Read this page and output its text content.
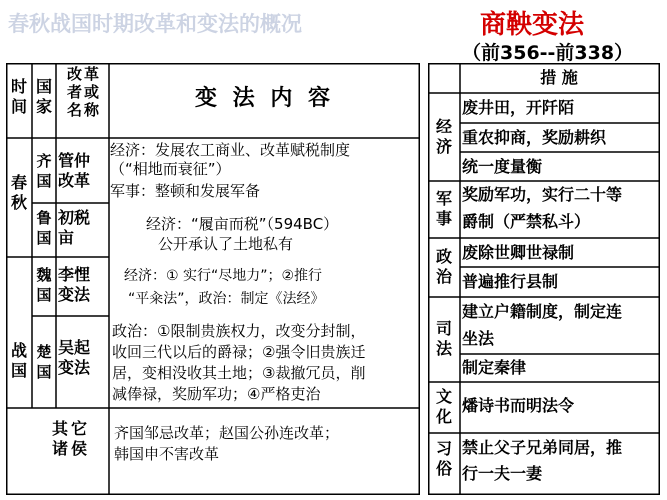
春秋战国时期改革和变法的概况	商鞅变法
（前356--前338）
时间
国家
改革者或名称	变 法 内 容
春秋
战国
齐国
管仲改革
经济：发展农工商业、改革赋税制度
（“相地而衰征”）
军事：整顿和发展军备
鲁国
初税亩
经济：“履亩而税”（594BC）
公开承认了土地私有
魏国
李悝变法
经济：① 实行“尽地力”；②推行
“平籴法”，政治：制定《法经》
楚国
吴起变法
政治：①限制贵族权力，改变分封制，
收回三代以后的爵禄；②强令旧贵族迁
居，变相没收其土地；③裁撤冗员，削
减俸禄，奖励军功；④严格吏治
其它诸侯
齐国邹忌改革；赵国公孙连改革；
韩国申不害改革
措 施
经济
废井田，开阡陌
重农抑商，奖励耕织
统一度量衡
军事
奖励军功，实行二十等
爵制（严禁私斗）
政治
废除世卿世禄制
普遍推行县制
司法
建立户籍制度，制定连
坐法
制定秦律
文化
燔诗书而明法令
习俗
禁止父子兄弟同居，推
行一夫一妻
